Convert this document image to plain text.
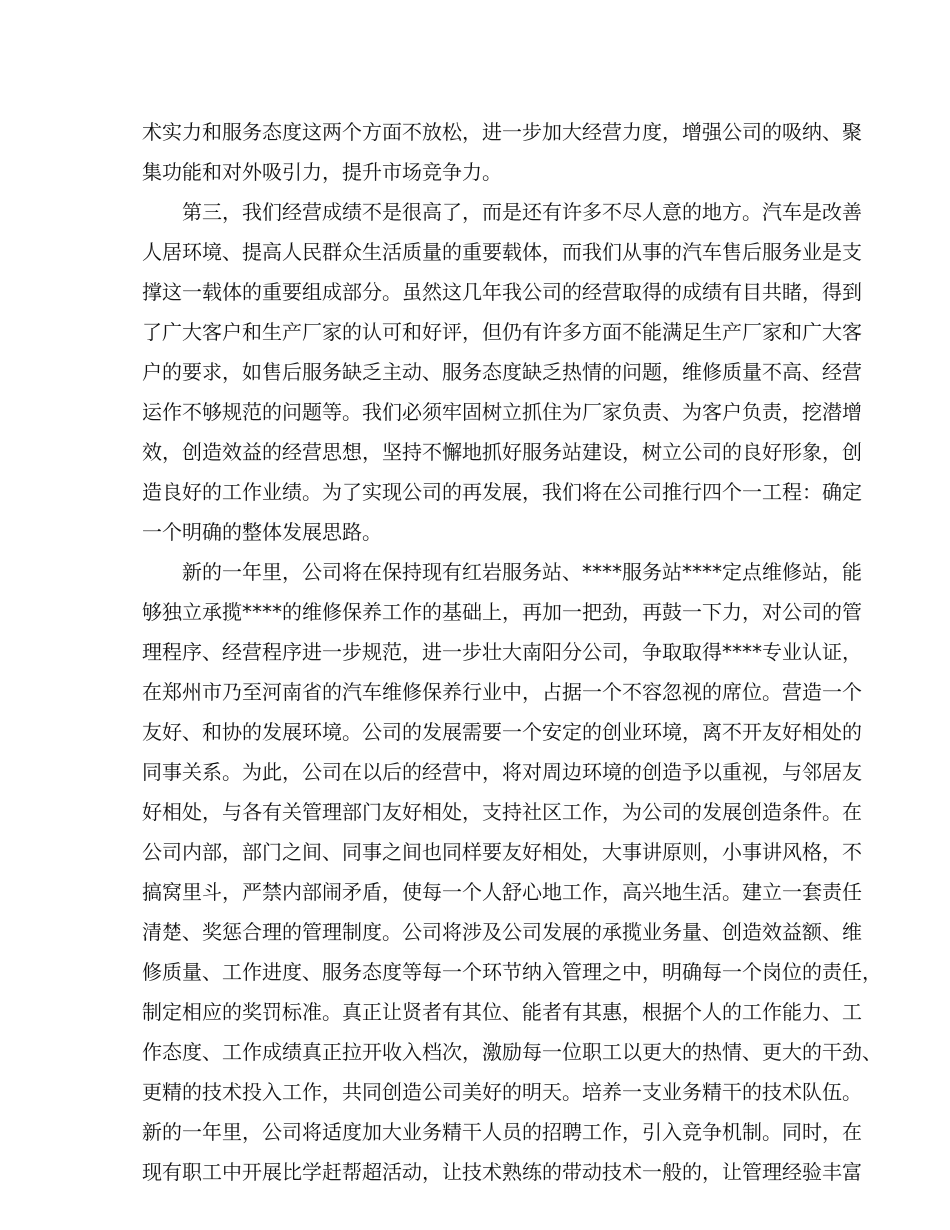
术实力和服务态度这两个方面不放松，进一步加大经营力度，增强公司的吸纳、聚
集功能和对外吸引力，提升市场竞争力。
　　第三，我们经营成绩不是很高了，而是还有许多不尽人意的地方。汽车是改善
人居环境、提高人民群众生活质量的重要载体，而我们从事的汽车售后服务业是支
撑这一载体的重要组成部分。虽然这几年我公司的经营取得的成绩有目共睹，得到
了广大客户和生产厂家的认可和好评，但仍有许多方面不能满足生产厂家和广大客
户的要求，如售后服务缺乏主动、服务态度缺乏热情的问题，维修质量不高、经营
运作不够规范的问题等。我们必须牢固树立抓住为厂家负责、为客户负责，挖潜增
效，创造效益的经营思想，坚持不懈地抓好服务站建设，树立公司的良好形象，创
造良好的工作业绩。为了实现公司的再发展，我们将在公司推行四个一工程：确定
一个明确的整体发展思路。
　　新的一年里，公司将在保持现有红岩服务站、****服务站****定点维修站，能
够独立承揽****的维修保养工作的基础上，再加一把劲，再鼓一下力，对公司的管
理程序、经营程序进一步规范，进一步壮大南阳分公司，争取取得****专业认证，
在郑州市乃至河南省的汽车维修保养行业中，占据一个不容忽视的席位。营造一个
友好、和协的发展环境。公司的发展需要一个安定的创业环境，离不开友好相处的
同事关系。为此，公司在以后的经营中，将对周边环境的创造予以重视，与邻居友
好相处，与各有关管理部门友好相处，支持社区工作，为公司的发展创造条件。在
公司内部，部门之间、同事之间也同样要友好相处，大事讲原则，小事讲风格，不
搞窝里斗，严禁内部闹矛盾，使每一个人舒心地工作，高兴地生活。建立一套责任
清楚、奖惩合理的管理制度。公司将涉及公司发展的承揽业务量、创造效益额、维
修质量、工作进度、服务态度等每一个环节纳入管理之中，明确每一个岗位的责任，
制定相应的奖罚标准。真正让贤者有其位、能者有其惠，根据个人的工作能力、工
作态度、工作成绩真正拉开收入档次，激励每一位职工以更大的热情、更大的干劲、
更精的技术投入工作，共同创造公司美好的明天。培养一支业务精干的技术队伍。
新的一年里，公司将适度加大业务精干人员的招聘工作，引入竞争机制。同时，在
现有职工中开展比学赶帮超活动，让技术熟练的带动技术一般的，让管理经验丰富
